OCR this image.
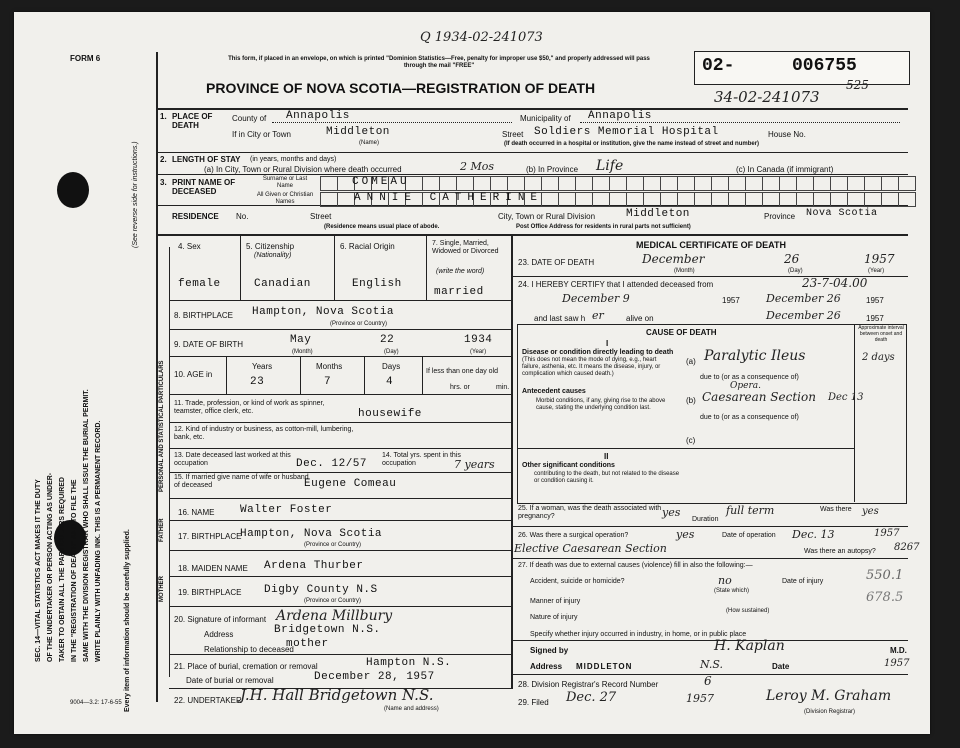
FORM 6
Q 1934-02-241073
This form, if placed in an envelope, on which is printed "Dominion Statistics—Free, penalty for improper use $50," and properly addressed will pass through the mail "FREE"
PROVINCE OF NOVA SCOTIA—REGISTRATION OF DEATH
02-	006755
525
34-02-241073
SEC. 14—VITAL STATISTICS ACT MAKES IT THE DUTY OF THE UNDERTAKER OR PERSON ACTING AS UNDER- TAKER TO OBTAIN ALL THE PARTICULARS REQUIRED IN THE "REGISTRATION OF DEATH" AND TO FILE THE SAME WITH THE DIVISION REGISTRAR WHO SHALL ISSUE THE BURIAL PERMIT. WRITE PLAINLY WITH UNFADING INK. THIS IS A PERMANENT RECORD.
(See reverse side for instructions.)
Every item of information should be carefully supplied.
PERSONAL AND STATISTICAL PARTICULARS
FATHER
MOTHER
1. PLACE OF DEATH
County of Annapolis	Municipality of Annapolis
If in City or Town	Middleton
(Name)
Street Soldiers Memorial Hospital	House No.
(If death occurred in a hospital or institution, give the name instead of street and number)
2. LENGTH OF STAY (in years, months and days)
(a) In City, Town or Rural Division where death occurred	2 Mos	(b) In Province Life	(c) In Canada (if immigrant)
3. PRINT NAME OF DECEASED
Surname or Last Name
All Given or Christian Names
COMEAU
ANNIE CATHERINE
RESIDENCE No.	Street	City, Town or Rural Division	Middleton	Province Nova Scotia
(Residence means usual place of abode.	Post Office Address for residents in rural parts not sufficient)
4. Sex
female
5. Citizenship
(Nationality)
Canadian
6. Racial Origin
English
7. Single, Married, Widowed or Divorced
(write the word)
married
8. BIRTHPLACE Hampton, Nova Scotia
(Province or Country)
9. DATE OF BIRTH	May	22	1934
(Month)	(Day)	(Year)
10. AGE in
Years	Months	Days
23	7	4
If less than one day old
hrs. or	min.
11. Trade, profession, or kind of work as spinner, teamster, office clerk, etc.	housewife
12. Kind of industry or business, as cotton-mill, lumbering, bank, etc.
13. Date deceased last worked at this occupation	Dec. 12/57
14. Total yrs. spent in this occupation	7 years
15. If married give name of wife or husband of deceased	Eugene Comeau
16. NAME Walter Foster
17. BIRTHPLACE
Hampton, Nova Scotia
(Province or Country)
18. MAIDEN NAME Ardena Thurber
19. BIRTHPLACE Digby County N.S
(Province or Country)
20. Signature of informant Ardena Millbury
Address	Bridgetown N.S.
Relationship to deceased
mother
21. Place of burial, cremation or removal	Hampton N.S.
Date of burial or removal	December 28, 1957
22. UNDERTAKER
J.H. Hall Bridgetown N.S.
(Name and address)
9004—3.2: 17-6-55
MEDICAL CERTIFICATE OF DEATH
23. DATE OF DEATH	December	26	1957
(Month)	(Day)	(Year)
24. I HEREBY CERTIFY that I attended deceased from	23-7-04.00
December 9	1957 December 26	1957
and last saw h er	alive on	December 26	1957
CAUSE OF DEATH	Approximate interval between onset and death
I
Disease or condition directly leading to death
(This does not mean the mode of dying, e.g., heart failure, asthenia, etc. It means the disease, injury, or complication which caused death.)
(a) Paralytic Ileus	2 days
due to (or as a consequence of)
Antecedent causes
Morbid conditions, if any, giving rise to the above cause, stating the underlying condition last.
Opera.
(b) Caesarean Section Dec 13
due to (or as a consequence of)
(c)
II
Other significant conditions
contributing to the death, but not related to the disease or condition causing it.
25. If a woman, was the death associated with pregnancy?	yes
Duration
full term	Was there yes
26. Was there a surgical operation?	yes	Date of operation Dec. 13	1957
Elective Caesarean Section	Was there an autopsy? 8267
27. If death was due to external causes (violence) fill in also the following:—
Accident, suicide or homicide?	no
(State which)
Date of injury	550.1
Manner of injury
(How sustained)
678.5
Nature of injury
Specify whether injury occurred in industry, in home, or in public place
Signed by	H. Kaplan	M.D.
Address MIDDLETON	N.S.	Date	1957
28. Division Registrar's Record Number	6
29. Filed Dec. 27	1957	Leroy M. Graham
(Division Registrar)
